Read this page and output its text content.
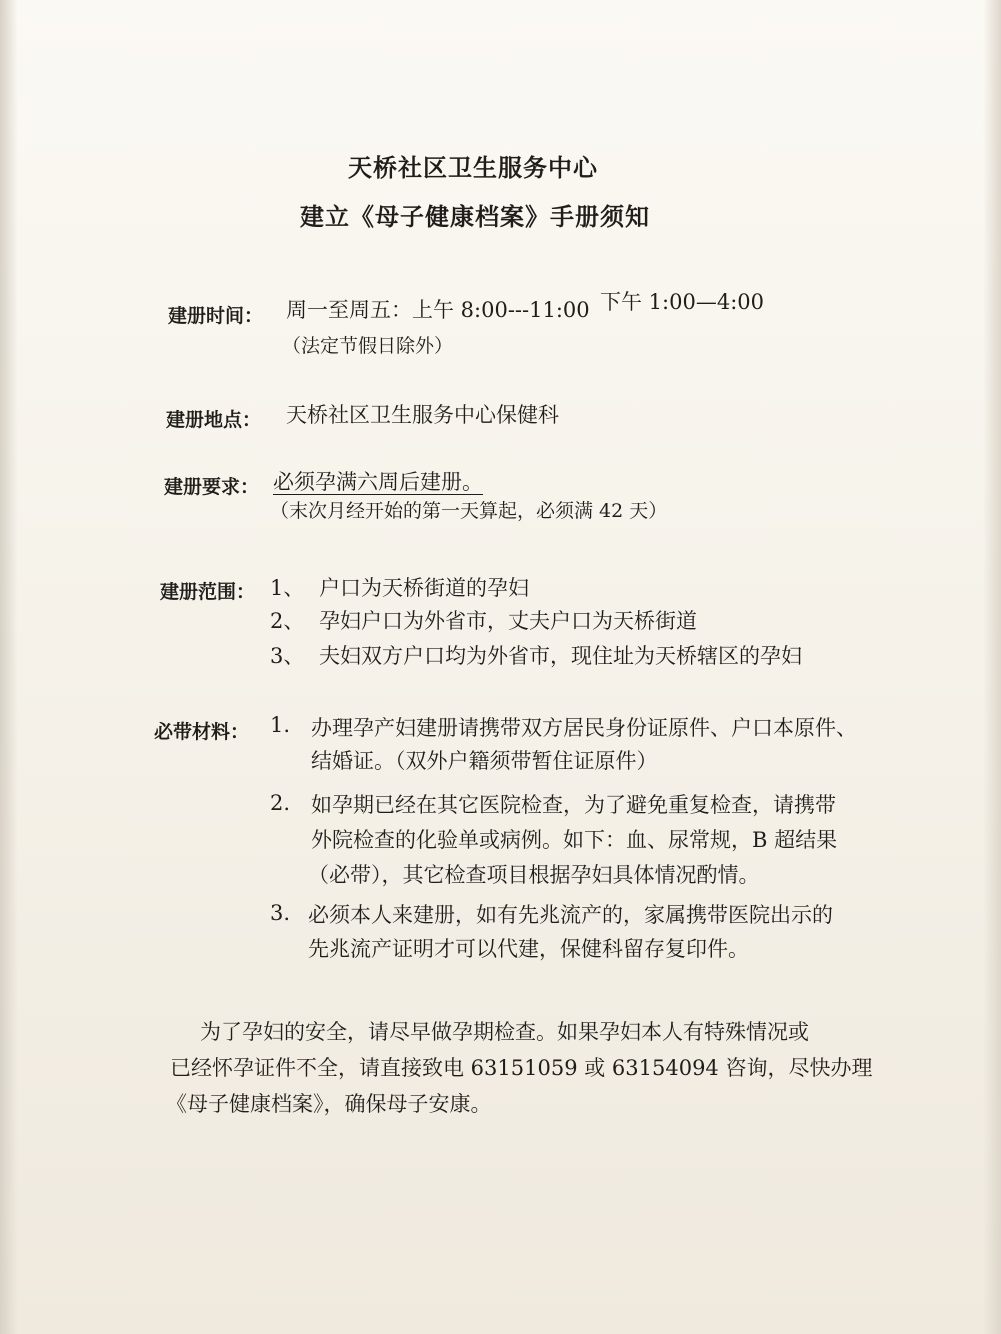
天桥社区卫生服务中心
建立《母子健康档案》手册须知
建册时间： 周一至周五：上午 8:00---11:00 下午 1:00—4:00
（法定节假日除外）
建册地点： 天桥社区卫生服务中心保健科
建册要求： 必须孕满六周后建册。
（末次月经开始的第一天算起，必须满 42 天）
建册范围： 1、 户口为天桥街道的孕妇
2、 孕妇户口为外省市，丈夫户口为天桥街道
3、 夫妇双方户口均为外省市，现住址为天桥辖区的孕妇
必带材料： 1. 办理孕产妇建册请携带双方居民身份证原件、户口本原件、
结婚证。（双外户籍须带暂住证原件）
2. 如孕期已经在其它医院检查，为了避免重复检查，请携带
外院检查的化验单或病例。如下：血、尿常规，B 超结果
（必带），其它检查项目根据孕妇具体情况酌情。
3. 必须本人来建册，如有先兆流产的，家属携带医院出示的
先兆流产证明才可以代建，保健科留存复印件。
为了孕妇的安全，请尽早做孕期检查。如果孕妇本人有特殊情况或
已经怀孕证件不全，请直接致电 63151059 或 63154094 咨询，尽快办理
《母子健康档案》，确保母子安康。
